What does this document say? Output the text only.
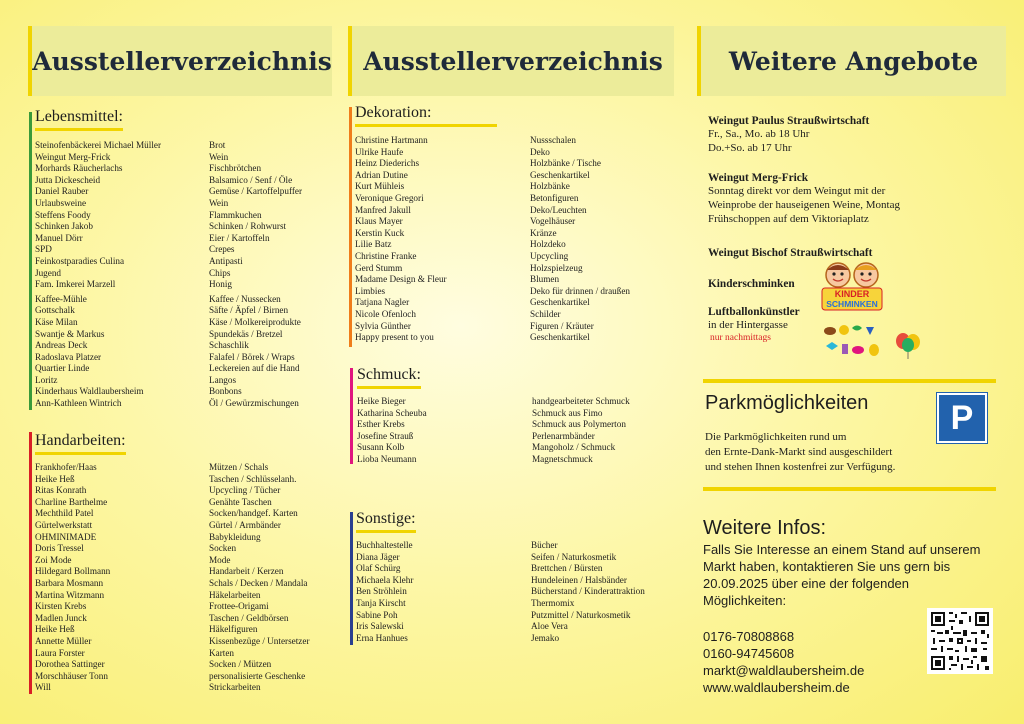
Ausstellerverzeichnis
Lebensmittel:
Steinofenbäckerei Michael Müller
Weingut Merg-Frick
Morhards Räucherlachs
Jutta Dickescheid
Daniel Rauber
Urlaubsweine
Steffens Foody
Schinken Jakob
Manuel Dörr
SPD
Feinkostparadies Culina
Jugend
Fam. Imkerei Marzell
Kaffee-Mühle
Gottschalk
Käse Milan
Swantje & Markus
Andreas Deck
Radoslava Platzer
Quartier Linde
Loritz
Kinderhaus Waldlaubersheim
Ann-Kathleen Wintrich
Brot
Wein
Fischbrötchen
Balsamico / Senf / Öle
Gemüse / Kartoffelpuffer
Wein
Flammkuchen
Schinken / Rohwurst
Eier / Kartoffeln
Crepes
Antipasti
Chips
Honig
Kaffee / Nussecken
Säfte / Äpfel / Birnen
Käse / Molkereiprodukte
Spundekäs / Bretzel
Schaschlik
Falafel / Börek / Wraps
Leckereien auf die Hand
Langos
Bonbons
Öl / Gewürzmischungen
Handarbeiten:
Frankhofer/Haas
Heike Heß
Ritas Konrath
Charline Barthelme
Mechthild Patel
Gürtelwerkstatt
OHMINIMADE
Doris Tressel
Zoi Mode
Hildegard Bollmann
Barbara Mosmann
Martina Witzmann
Kirsten Krebs
Madlen Junck
Heike Heß
Annette Müller
Laura Forster
Dorothea Sattinger
Morschhäuser Tonn
Will
Mützen / Schals
Taschen / Schlüsselanh.
Upcycling / Tücher
Genähte Taschen
Socken/handgef. Karten
Gürtel / Armbänder
Babykleidung
Socken
Mode
Handarbeit / Kerzen
Schals / Decken / Mandala
Häkelarbeiten
Frottee-Origami
Taschen / Geldbörsen
Häkelfiguren
Kissenbezüge / Untersetzer
Karten
Socken / Mützen
personalisierte Geschenke
Strickarbeiten
Ausstellerverzeichnis
Dekoration:
Christine Hartmann
Ulrike Haufe
Heinz Diederichs
Adrian Dutine
Kurt Mühleis
Veronique Gregori
Manfred Jakull
Klaus Mayer
Kerstin Kuck
Lilie Batz
Christine Franke
Gerd Stumm
Madame Design & Fleur
Limbies
Tatjana Nagler
Nicole Ofenloch
Sylvia Günther
Happy present to you
Nussschalen
Deko
Holzbänke / Tische
Geschenkartikel
Holzbänke
Betonfiguren
Deko/Leuchten
Vogelhäuser
Kränze
Holzdeko
Upcycling
Holzspielzeug
Blumen
Deko für drinnen / draußen
Geschenkartikel
Schilder
Figuren / Kräuter
Geschenkartikel
Schmuck:
Heike Bieger
Katharina Scheuba
Esther Krebs
Josefine Strauß
Susann Kolb
Lioba Neumann
handgearbeiteter Schmuck
Schmuck aus Fimo
Schmuck aus Polymerton
Perlenarmbänder
Mangoholz / Schmuck
Magnetschmuck
Sonstige:
Buchhaltestelle
Diana Jäger
Olaf Schürg
Michaela Klehr
Ben Ströhlein
Tanja Kirscht
Sabine Poh
Iris Salewski
Erna Hanhues
Bücher
Seifen / Naturkosmetik
Brettchen / Bürsten
Hundeleinen / Halsbänder
Bücherstand / Kinderattraktion
Thermomix
Putzmittel / Naturkosmetik
Aloe Vera
Jemako
Weitere Angebote
Weingut Paulus Straußwirtschaft
Fr., Sa., Mo. ab 18 Uhr
Do.+So. ab 17 Uhr
Weingut Merg-Frick
Sonntag direkt vor dem Weingut mit der
Weinprobe der hauseigenen Weine, Montag
Frühschoppen auf dem Viktoriaplatz
Weingut Bischof Straußwirtschaft
Kinderschminken
KINDER
SCHMINKEN
Luftballonkünstler
in der Hintergasse
nur nachmittags
Parkmöglichkeiten P
Die Parkmöglichkeiten rund um
den Ernte-Dank-Markt sind ausgeschildert
und stehen Ihnen kostenfrei zur Verfügung.
Weitere Infos:
Falls Sie Interesse an einem Stand auf unserem
Markt haben, kontaktieren Sie uns gern bis
20.09.2025 über eine der folgenden
Möglichkeiten:
0176-70808868
0160-94745608
markt@waldlaubersheim.de
www.waldlaubersheim.de
